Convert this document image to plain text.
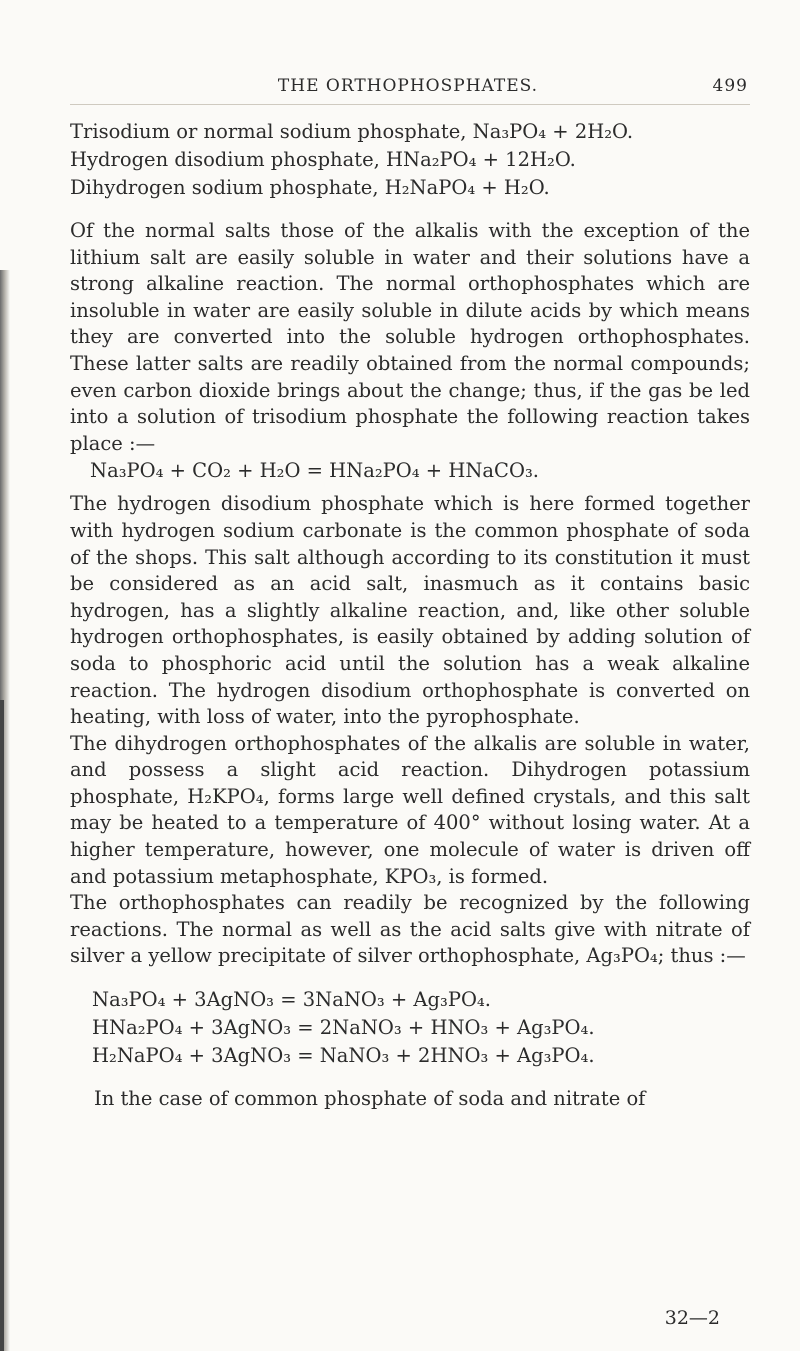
THE ORTHOPHOSPHATES.	499
Trisodium or normal sodium phosphate, Na₃PO₄ + 2H₂O.
Hydrogen disodium phosphate, HNa₂PO₄ + 12H₂O.
Dihydrogen sodium phosphate, H₂NaPO₄ + H₂O.

Of the normal salts those of the alkalis with the exception of the lithium salt are easily soluble in water and their solutions have a strong alkaline reaction. The normal orthophosphates which are insoluble in water are easily soluble in dilute acids by which means they are converted into the soluble hydrogen orthophosphates. These latter salts are readily obtained from the normal compounds; even carbon dioxide brings about the change; thus, if the gas be led into a solution of trisodium phosphate the following reaction takes place :—

Na₃PO₄ + CO₂ + H₂O = HNa₂PO₄ + HNaCO₃.

The hydrogen disodium phosphate which is here formed together with hydrogen sodium carbonate is the common phosphate of soda of the shops. This salt although according to its constitution it must be considered as an acid salt, inasmuch as it contains basic hydrogen, has a slightly alkaline reaction, and, like other soluble hydrogen orthophosphates, is easily obtained by adding solution of soda to phosphoric acid until the solution has a weak alkaline reaction. The hydrogen disodium orthophosphate is converted on heating, with loss of water, into the pyrophosphate.

The dihydrogen orthophosphates of the alkalis are soluble in water, and possess a slight acid reaction. Dihydrogen potassium phosphate, H₂KPO₄, forms large well defined crystals, and this salt may be heated to a temperature of 400° without losing water. At a higher temperature, however, one molecule of water is driven off and potassium metaphosphate, KPO₃, is formed.

The orthophosphates can readily be recognized by the following reactions. The normal as well as the acid salts give with nitrate of silver a yellow precipitate of silver orthophosphate, Ag₃PO₄; thus :—

Na₃PO₄ + 3AgNO₃ = 3NaNO₃ + Ag₃PO₄.
HNa₂PO₄ + 3AgNO₃ = 2NaNO₃ + HNO₃ + Ag₃PO₄.
H₂NaPO₄ + 3AgNO₃ = NaNO₃ + 2HNO₃ + Ag₃PO₄.

In the case of common phosphate of soda and nitrate of

32—2
